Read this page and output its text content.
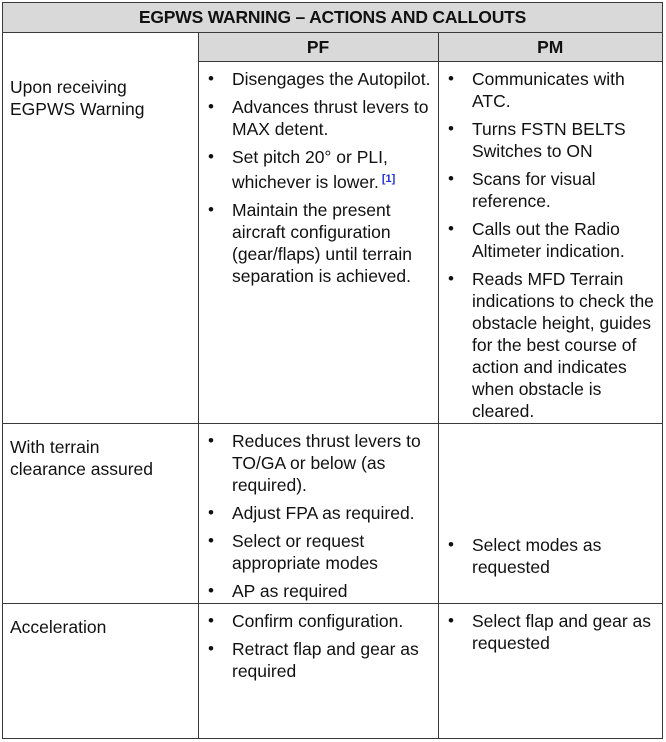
EGPWS WARNING – ACTIONS AND CALLOUTS
PF	PM
Upon receiving EGPWS Warning
• Disengages the Autopilot.
• Advances thrust levers to MAX detent.
• Set pitch 20° or PLI, whichever is lower. [1]
• Maintain the present aircraft configuration (gear/flaps) until terrain separation is achieved.
• Communicates with ATC.
• Turns FSTN BELTS Switches to ON
• Scans for visual reference.
• Calls out the Radio Altimeter indication.
• Reads MFD Terrain indications to check the obstacle height, guides for the best course of action and indicates when obstacle is cleared.
With terrain clearance assured
• Reduces thrust levers to TO/GA or below (as required).
• Adjust FPA as required.
• Select or request appropriate modes
• AP as required
• Select modes as requested
Acceleration	• Confirm configuration.
• Retract flap and gear as required
• Select flap and gear as requested
